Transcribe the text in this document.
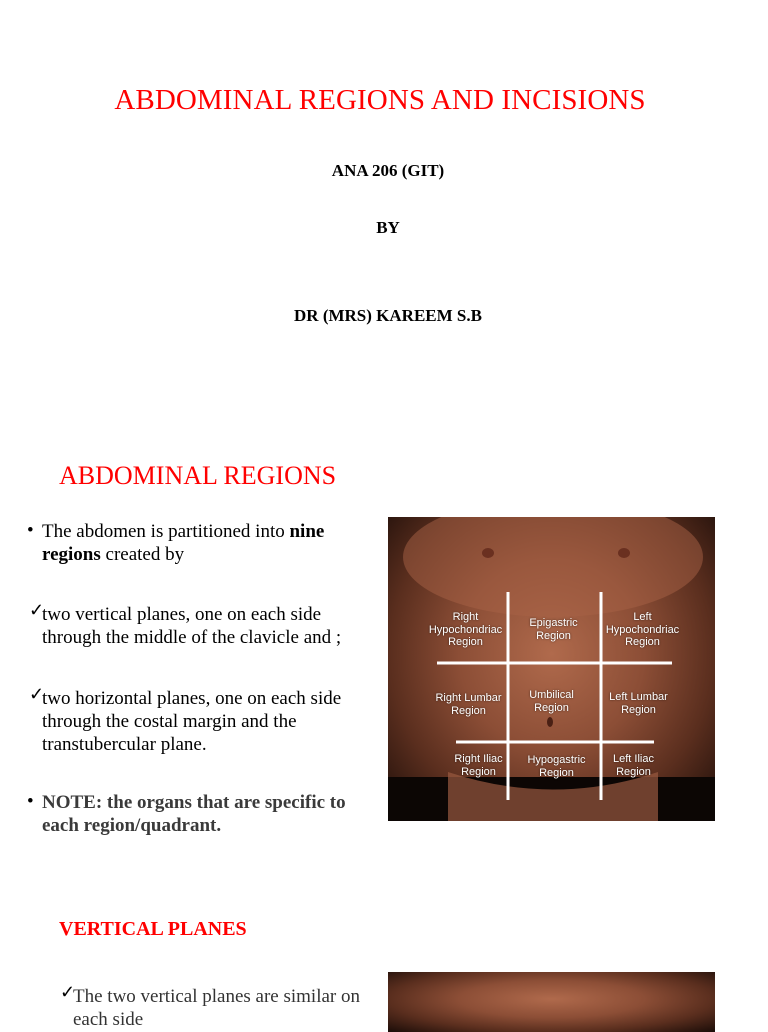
ABDOMINAL REGIONS AND INCISIONS
ANA 206 (GIT)
BY
DR (MRS) KAREEM S.B
ABDOMINAL REGIONS
• The abdomen is partitioned into nine regions created by
✓
two vertical planes, one on each side through the middle of the clavicle and ;
✓
two horizontal planes, one on each side through the costal margin and the transtubercular plane.
• NOTE: the organs that are specific to each region/quadrant.
Right
Hypochondriac
Region
Epigastric
Region
Left
Hypochondriac
Region
Right Lumbar
Region
Umbilical
Region
Left Lumbar
Region
Right Iliac
Region
Hypogastric
Region
Left Iliac
Region
VERTICAL PLANES
✓
The two vertical planes are similar on each side
